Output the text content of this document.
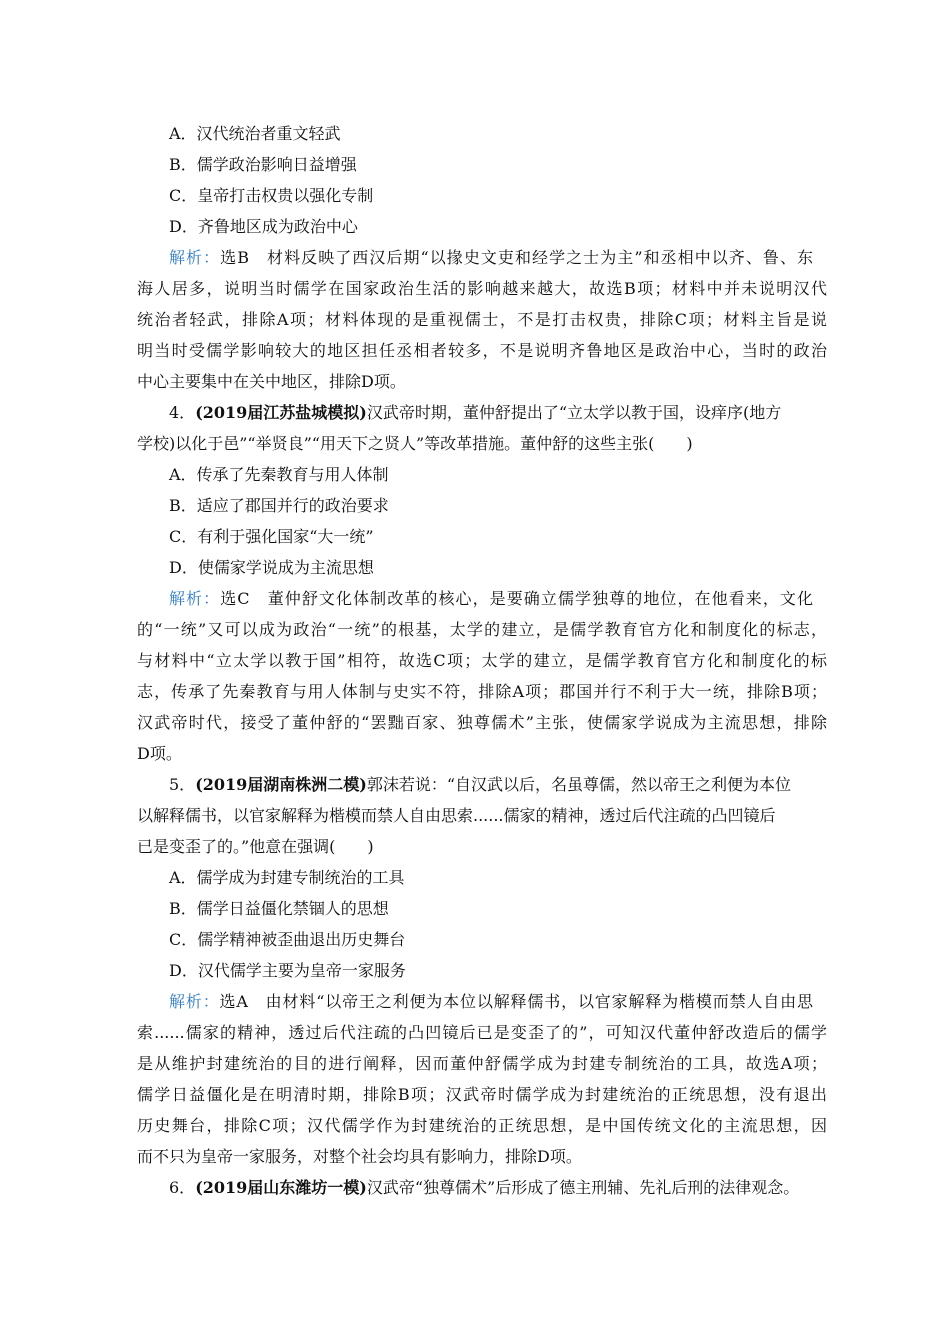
A．汉代统治者重文轻武
B．儒学政治影响日益增强
C．皇帝打击权贵以强化专制
D．齐鲁地区成为政治中心
解析：选B　材料反映了西汉后期“以掾史文吏和经学之士为主”和丞相中以齐、鲁、东
海人居多，说明当时儒学在国家政治生活的影响越来越大，故选B项；材料中并未说明汉代
统治者轻武，排除A项；材料体现的是重视儒士，不是打击权贵，排除C项；材料主旨是说
明当时受儒学影响较大的地区担任丞相者较多，不是说明齐鲁地区是政治中心，当时的政治
中心主要集中在关中地区，排除D项。
4．(2019届江苏盐城模拟)汉武帝时期，董仲舒提出了“立太学以教于国，设痒序(地方
学校)以化于邑”“举贤良”“用天下之贤人”等改革措施。董仲舒的这些主张(　　)
A．传承了先秦教育与用人体制
B．适应了郡国并行的政治要求
C．有利于强化国家“大一统”
D．使儒家学说成为主流思想
解析：选C　董仲舒文化体制改革的核心，是要确立儒学独尊的地位，在他看来，文化
的“一统”又可以成为政治“一统”的根基，太学的建立，是儒学教育官方化和制度化的标志，
与材料中“立太学以教于国”相符，故选C项；太学的建立，是儒学教育官方化和制度化的标
志，传承了先秦教育与用人体制与史实不符，排除A项；郡国并行不利于大一统，排除B项；
汉武帝时代，接受了董仲舒的“罢黜百家、独尊儒术”主张，使儒家学说成为主流思想，排除
D项。
5．(2019届湖南株洲二模)郭沫若说：“自汉武以后，名虽尊儒，然以帝王之利便为本位
以解释儒书，以官家解释为楷模而禁人自由思索......儒家的精神，透过后代注疏的凸凹镜后
已是变歪了的。”他意在强调(　　)
A．儒学成为封建专制统治的工具
B．儒学日益僵化禁锢人的思想
C．儒学精神被歪曲退出历史舞台
D．汉代儒学主要为皇帝一家服务
解析：选A　由材料“以帝王之利便为本位以解释儒书，以官家解释为楷模而禁人自由思
索......儒家的精神，透过后代注疏的凸凹镜后已是变歪了的”，可知汉代董仲舒改造后的儒学
是从维护封建统治的目的进行阐释，因而董仲舒儒学成为封建专制统治的工具，故选A项；
儒学日益僵化是在明清时期，排除B项；汉武帝时儒学成为封建统治的正统思想，没有退出
历史舞台，排除C项；汉代儒学作为封建统治的正统思想，是中国传统文化的主流思想，因
而不只为皇帝一家服务，对整个社会均具有影响力，排除D项。
6．(2019届山东潍坊一模)汉武帝“独尊儒术”后形成了德主刑辅、先礼后刑的法律观念。
